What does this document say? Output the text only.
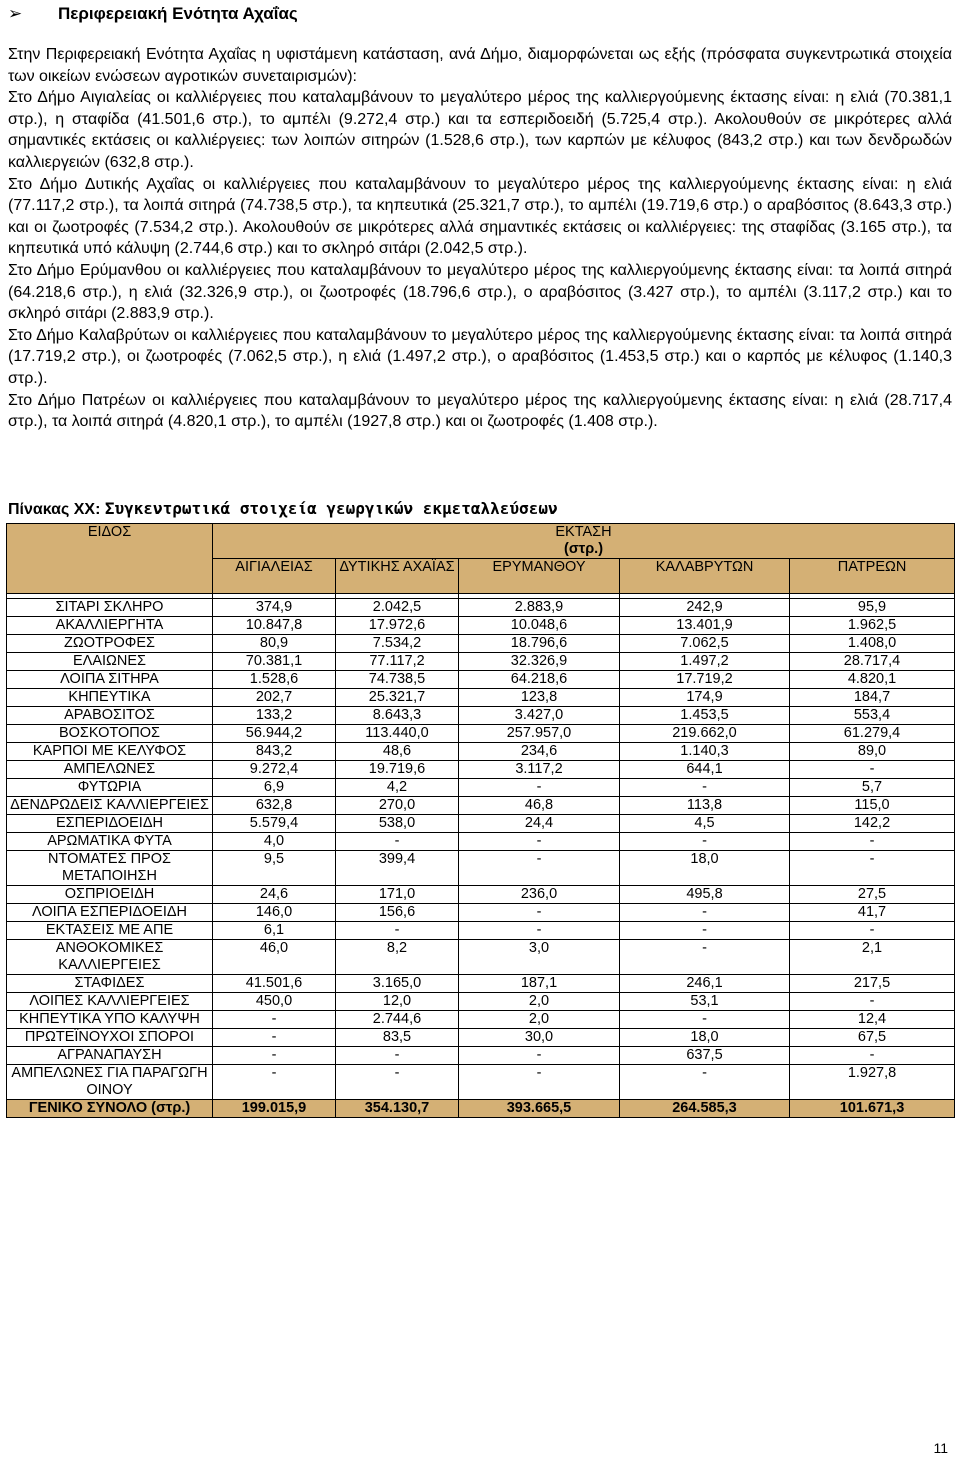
➢ Περιφερειακή Ενότητα Αχαΐας

Στην Περιφερειακή Ενότητα Αχαΐας η υφιστάμενη κατάσταση, ανά Δήμο, διαμορφώνεται ως εξής (πρόσφατα συγκεντρωτικά στοιχεία των οικείων ενώσεων αγροτικών συνεταιρισμών):

Στο Δήμο Αιγιαλείας οι καλλιέργειες που καταλαμβάνουν το μεγαλύτερο μέρος της καλλιεργούμενης έκτασης είναι: η ελιά (70.381,1 στρ.), η σταφίδα (41.501,6 στρ.), το αμπέλι (9.272,4 στρ.) και τα εσπεριδοειδή (5.725,4 στρ.). Ακολουθούν σε μικρότερες αλλά σημαντικές εκτάσεις οι καλλιέργειες: των λοιπών σιτηρών (1.528,6 στρ.), των καρπών με κέλυφος (843,2 στρ.) και των δενδρωδών καλλιεργειών (632,8 στρ.).

Στο Δήμο Δυτικής Αχαΐας οι καλλιέργειες που καταλαμβάνουν το μεγαλύτερο μέρος της καλλιεργούμενης έκτασης είναι: η ελιά (77.117,2 στρ.), τα λοιπά σιτηρά (74.738,5 στρ.), τα κηπευτικά (25.321,7 στρ.), το αμπέλι (19.719,6 στρ.) ο αραβόσιτος (8.643,3 στρ.) και οι ζωοτροφές (7.534,2 στρ.). Ακολουθούν σε μικρότερες αλλά σημαντικές εκτάσεις οι καλλιέργειες: της σταφίδας (3.165 στρ.), τα κηπευτικά υπό κάλυψη (2.744,6 στρ.) και το σκληρό σιτάρι (2.042,5 στρ.).

Στο Δήμο Ερύμανθου οι καλλιέργειες που καταλαμβάνουν το μεγαλύτερο μέρος της καλλιεργούμενης έκτασης είναι: τα λοιπά σιτηρά (64.218,6 στρ.), η ελιά (32.326,9 στρ.), οι ζωοτροφές (18.796,6 στρ.), ο αραβόσιτος (3.427 στρ.), το αμπέλι (3.117,2 στρ.) και το σκληρό σιτάρι (2.883,9 στρ.).

Στο Δήμο Καλαβρύτων οι καλλιέργειες που καταλαμβάνουν το μεγαλύτερο μέρος της καλλιεργούμενης έκτασης είναι: τα λοιπά σιτηρά (17.719,2 στρ.), οι ζωοτροφές (7.062,5 στρ.), η ελιά (1.497,2 στρ.), ο αραβόσιτος (1.453,5 στρ.) και ο καρπός με κέλυφος (1.140,3 στρ.).

Στο Δήμο Πατρέων οι καλλιέργειες που καταλαμβάνουν το μεγαλύτερο μέρος της καλλιεργούμενης έκτασης είναι: η ελιά (28.717,4 στρ.), τα λοιπά σιτηρά (4.820,1 στρ.), το αμπέλι (1927,8 στρ.) και οι ζωοτροφές (1.408 στρ.).

Πίνακας ΧΧ: Συγκεντρωτικά στοιχεία γεωργικών εκμεταλλεύσεων
ΕΙΔΟΣ	ΕΚΤΑΣΗ
(στρ.)				

	ΑΙΓΙΑΛΕΙΑΣ	ΔΥΤΙΚΗΣ ΑΧΑΪΑΣ	ΕΡΥΜΑΝΘΟΥ	ΚΑΛΑΒΡΥΤΩΝ	ΠΑΤΡΕΩΝ

ΣΙΤΑΡΙ ΣΚΛΗΡΟ	374,9	2.042,5	2.883,9	242,9	95,9
ΑΚΑΛΛΙΕΡΓΗΤΑ	10.847,8	17.972,6	10.048,6	13.401,9	1.962,5
ΖΩΟΤΡΟΦΕΣ	80,9	7.534,2	18.796,6	7.062,5	1.408,0
ΕΛΑΙΩΝΕΣ	70.381,1	77.117,2	32.326,9	1.497,2	28.717,4
ΛΟΙΠΑ ΣΙΤΗΡΑ	1.528,6	74.738,5	64.218,6	17.719,2	4.820,1
ΚΗΠΕΥΤΙΚΑ	202,7	25.321,7	123,8	174,9	184,7
ΑΡΑΒΟΣΙΤΟΣ	133,2	8.643,3	3.427,0	1.453,5	553,4
ΒΟΣΚΟΤΟΠΟΣ	56.944,2	113.440,0	257.957,0	219.662,0	61.279,4
ΚΑΡΠΟΙ ΜΕ ΚΕΛΥΦΟΣ	843,2	48,6	234,6	1.140,3	89,0
ΑΜΠΕΛΩΝΕΣ	9.272,4	19.719,6	3.117,2	644,1	-
ΦΥΤΩΡΙΑ	6,9	4,2	-	-	5,7
ΔΕΝΔΡΩΔΕΙΣ ΚΑΛΛΙΕΡΓΕΙΕΣ	632,8	270,0	46,8	113,8	115,0
ΕΣΠΕΡΙΔΟΕΙΔΗ	5.579,4	538,0	24,4	4,5	142,2
ΑΡΩΜΑΤΙΚΑ ΦΥΤΑ	4,0	-	-	-	-
ΝΤΟΜΑΤΕΣ ΠΡΟΣ ΜΕΤΑΠΟΙΗΣΗ	9,5	399,4	-	18,0	-
ΟΣΠΡΙΟΕΙΔΗ	24,6	171,0	236,0	495,8	27,5
ΛΟΙΠΑ ΕΣΠΕΡΙΔΟΕΙΔΗ	146,0	156,6	-	-	41,7
ΕΚΤΑΣΕΙΣ ΜΕ ΑΠΕ	6,1	-	-	-	-
ΑΝΘΟΚΟΜΙΚΕΣ ΚΑΛΛΙΕΡΓΕΙΕΣ	46,0	8,2	3,0	-	2,1
ΣΤΑΦΙΔΕΣ	41.501,6	3.165,0	187,1	246,1	217,5
ΛΟΙΠΕΣ ΚΑΛΛΙΕΡΓΕΙΕΣ	450,0	12,0	2,0	53,1	-
ΚΗΠΕΥΤΙΚΑ ΥΠΟ ΚΑΛΥΨΗ	-	2.744,6	2,0	-	12,4
ΠΡΩΤΕΪΝΟΥΧΟΙ ΣΠΟΡΟΙ	-	83,5	30,0	18,0	67,5
ΑΓΡΑΝΑΠΑΥΣΗ	-	-	-	637,5	-
ΑΜΠΕΛΩΝΕΣ ΓΙΑ ΠΑΡΑΓΩΓΗ ΟΙΝΟΥ	-	-	-	-	1.927,8
ΓΕΝΙΚΟ ΣΥΝΟΛΟ (στρ.)	199.015,9	354.130,7	393.665,5	264.585,3	101.671,3
11
